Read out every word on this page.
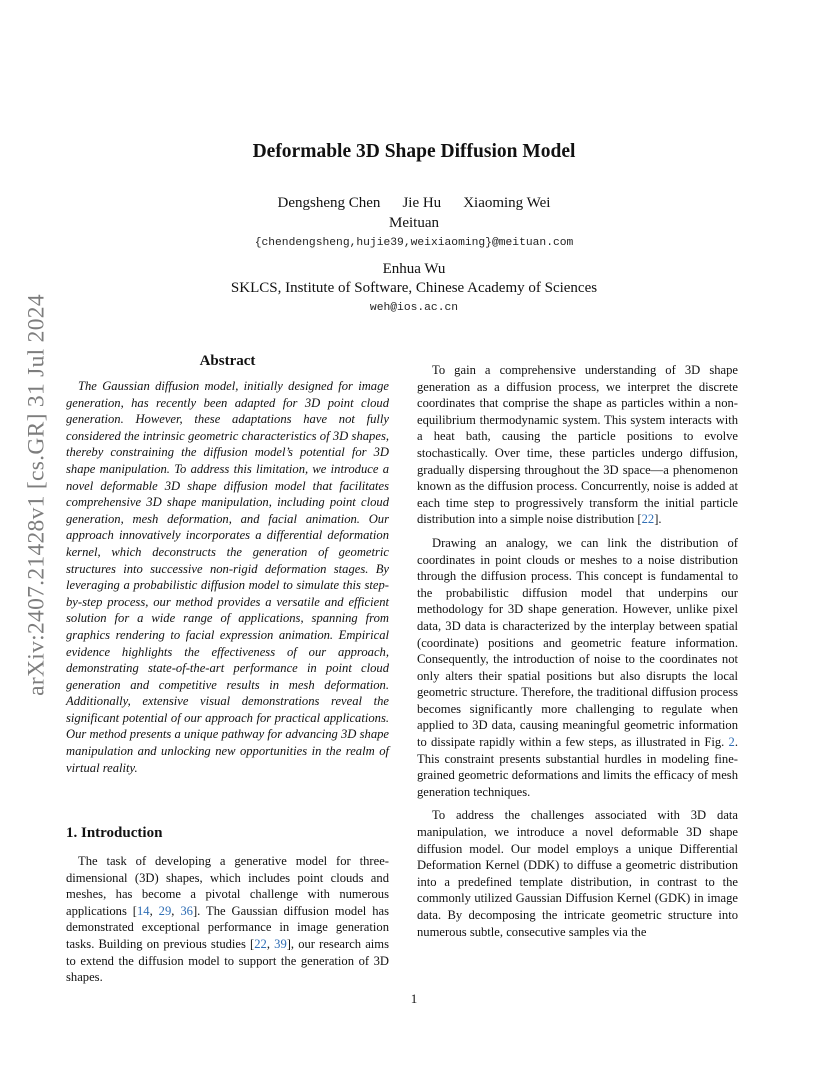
arXiv:2407.21428v1 [cs.GR] 31 Jul 2024
Deformable 3D Shape Diffusion Model
Dengsheng Chen Jie Hu Xiaoming Wei
Meituan
{chendengsheng,hujie39,weixiaoming}@meituan.com
Enhua Wu
SKLCS, Institute of Software, Chinese Academy of Sciences
weh@ios.ac.cn
Abstract

The Gaussian diffusion model, initially designed for image generation, has recently been adapted for 3D point cloud generation. However, these adaptations have not fully considered the intrinsic geometric characteristics of 3D shapes, thereby constraining the diffusion model’s potential for 3D shape manipulation. To address this limitation, we introduce a novel deformable 3D shape diffusion model that facilitates comprehensive 3D shape manipulation, including point cloud generation, mesh deformation, and facial animation. Our approach innovatively incorporates a differential deformation kernel, which deconstructs the generation of geometric structures into successive non-rigid deformation stages. By leveraging a probabilistic diffusion model to simulate this step-by-step process, our method provides a versatile and efficient solution for a wide range of applications, spanning from graphics rendering to facial expression animation. Empirical evidence highlights the effectiveness of our approach, demonstrating state-of-the-art performance in point cloud generation and competitive results in mesh deformation. Additionally, extensive visual demonstrations reveal the significant potential of our approach for practical applications. Our method presents a unique pathway for advancing 3D shape manipulation and unlocking new opportunities in the realm of virtual reality.

1. Introduction

The task of developing a generative model for three-dimensional (3D) shapes, which includes point clouds and meshes, has become a pivotal challenge with numerous applications [14, 29, 36]. The Gaussian diffusion model has demonstrated exceptional performance in image generation tasks. Building on previous studies [22, 39], our research aims to extend the diffusion model to support the generation of 3D shapes.

To gain a comprehensive understanding of 3D shape generation as a diffusion process, we interpret the discrete coordinates that comprise the shape as particles within a non-equilibrium thermodynamic system. This system interacts with a heat bath, causing the particle positions to evolve stochastically. Over time, these particles undergo diffusion, gradually dispersing throughout the 3D space—a phenomenon known as the diffusion process. Concurrently, noise is added at each time step to progressively transform the initial particle distribution into a simple noise distribution [22].

Drawing an analogy, we can link the distribution of coordinates in point clouds or meshes to a noise distribution through the diffusion process. This concept is fundamental to the probabilistic diffusion model that underpins our methodology for 3D shape generation. However, unlike pixel data, 3D data is characterized by the interplay between spatial (coordinate) positions and geometric feature information. Consequently, the introduction of noise to the coordinates not only alters their spatial positions but also disrupts the local geometric structure. Therefore, the traditional diffusion process becomes significantly more challenging to regulate when applied to 3D data, causing meaningful geometric information to dissipate rapidly within a few steps, as illustrated in Fig. 2. This constraint presents substantial hurdles in modeling fine-grained geometric deformations and limits the efficacy of mesh generation techniques.

To address the challenges associated with 3D data manipulation, we introduce a novel deformable 3D shape diffusion model. Our model employs a unique Differential Deformation Kernel (DDK) to diffuse a geometric distribution into a predefined template distribution, in contrast to the commonly utilized Gaussian Diffusion Kernel (GDK) in image data. By decomposing the intricate geometric structure into numerous subtle, consecutive samples via the

1
